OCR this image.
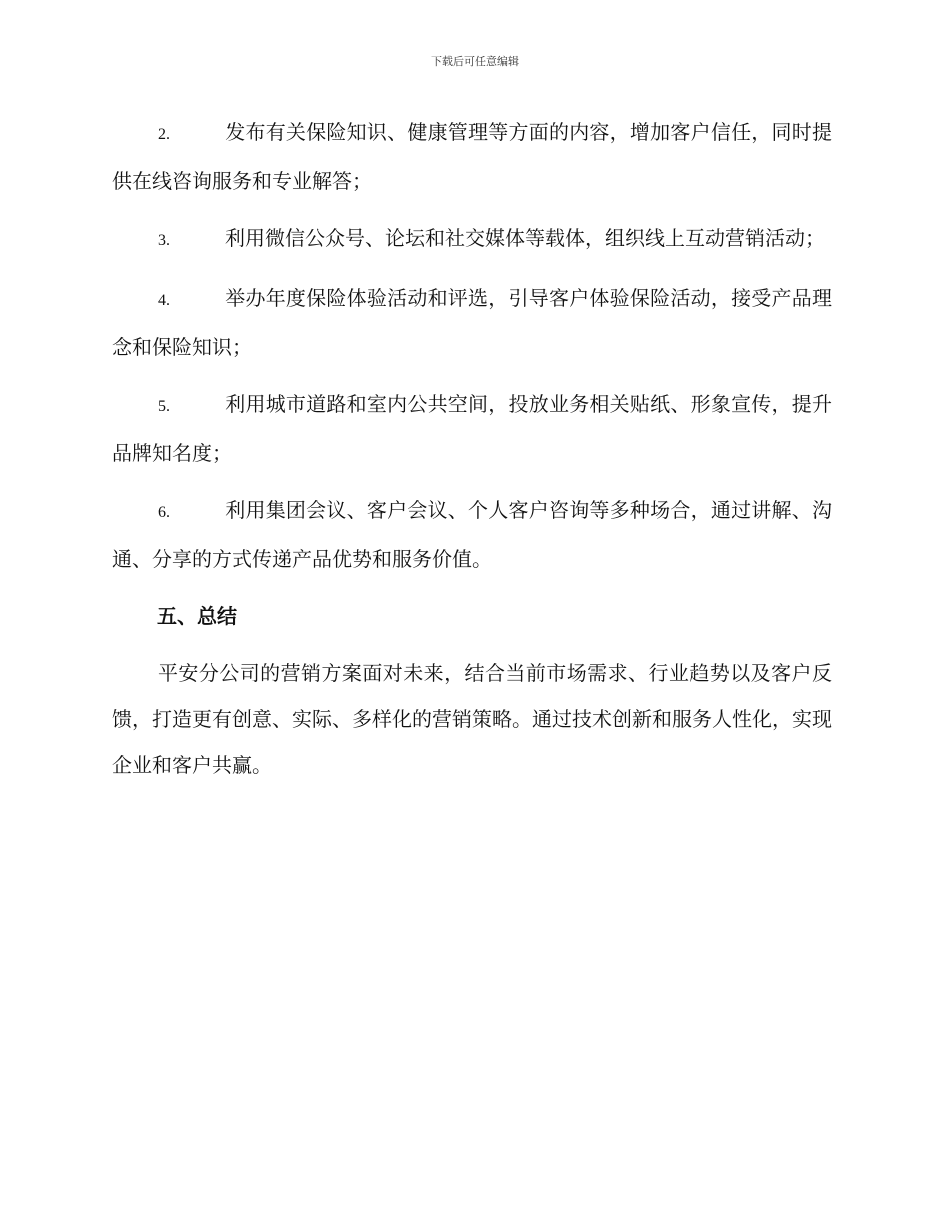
下载后可任意编辑

2.	发布有关保险知识、健康管理等方面的内容，增加客户信任，同时提供在线咨询服务和专业解答；

3.	利用微信公众号、论坛和社交媒体等载体，组织线上互动营销活动；

4.	举办年度保险体验活动和评选，引导客户体验保险活动，接受产品理念和保险知识；

5.	利用城市道路和室内公共空间，投放业务相关贴纸、形象宣传，提升品牌知名度；

6.	利用集团会议、客户会议、个人客户咨询等多种场合，通过讲解、沟通、分享的方式传递产品优势和服务价值。

五、总结

平安分公司的营销方案面对未来，结合当前市场需求、行业趋势以及客户反馈，打造更有创意、实际、多样化的营销策略。通过技术创新和服务人性化，实现企业和客户共赢。
